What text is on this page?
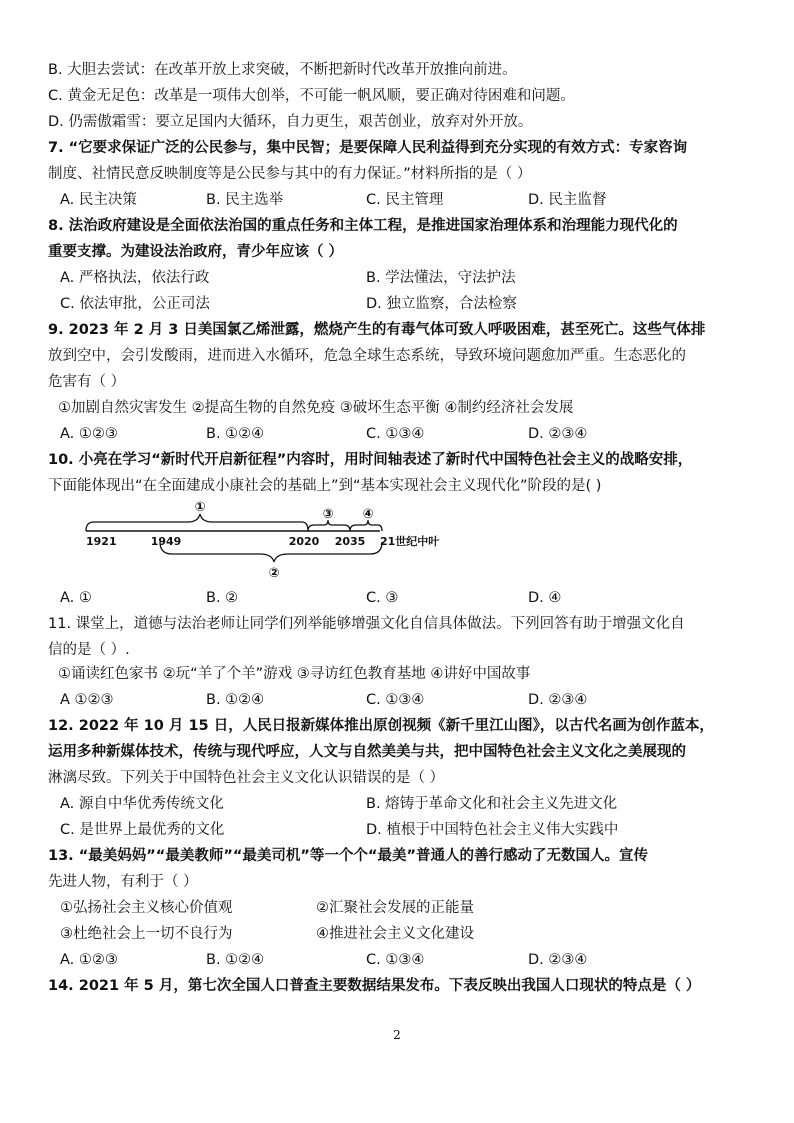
B. 大胆去尝试：在改革开放上求突破，不断把新时代改革开放推向前进。
C. 黄金无足色：改革是一项伟大创举，不可能一帆风顺，要正确对待困难和问题。
D. 仍需傲霜雪：要立足国内大循环，自力更生，艰苦创业，放弃对外开放。
7. “它要求保证广泛的公民参与，集中民智；是要保障人民利益得到充分实现的有效方式：专家咨询
制度、社情民意反映制度等是公民参与其中的有力保证。”材料所指的是（ ）
A. 民主决策	B. 民主选举	C. 民主管理	D. 民主监督
8. 法治政府建设是全面依法治国的重点任务和主体工程，是推进国家治理体系和治理能力现代化的
重要支撑。为建设法治政府，青少年应该（ ）
A. 严格执法，依法行政	B. 学法懂法，守法护法
C. 依法审批，公正司法	D. 独立监察，合法检察
9. 2023 年 2 月 3 日美国氯乙烯泄露，燃烧产生的有毒气体可致人呼吸困难，甚至死亡。这些气体排
放到空中，会引发酸雨，进而进入水循环，危急全球生态系统，导致环境问题愈加严重。生态恶化的
危害有（ ）
①加剧自然灾害发生 ②提高生物的自然免疫 ③破坏生态平衡 ④制约经济社会发展
A. ①②③	B. ①②④	C. ①③④	D. ②③④
10. 小亮在学习“新时代开启新征程”内容时，用时间轴表述了新时代中国特色社会主义的战略安排，
下面能体现出“在全面建成小康社会的基础上”到“基本实现社会主义现代化”阶段的是( )
①	③ ④
②
1921	1949	2020 2035 21世纪中叶
A. ①	B. ②	C. ③	D. ④
11. 课堂上，道德与法治老师让同学们列举能够增强文化自信具体做法。下列回答有助于增强文化自
信的是（ ）.
①诵读红色家书 ②玩“羊了个羊”游戏 ③寻访红色教育基地 ④讲好中国故事
A ①②③	B. ①②④	C. ①③④	D. ②③④
12. 2022 年 10 月 15 日，人民日报新媒体推出原创视频《新千里江山图》，以古代名画为创作蓝本，
运用多种新媒体技术，传统与现代呼应，人文与自然美美与共，把中国特色社会主义文化之美展现的
淋漓尽致。下列关于中国特色社会主义文化认识错误的是（ ）
A. 源自中华优秀传统文化	B. 熔铸于革命文化和社会主义先进文化
C. 是世界上最优秀的文化	D. 植根于中国特色社会主义伟大实践中
13. “最美妈妈”“最美教师”“最美司机”等一个个“最美”普通人的善行感动了无数国人。宣传
先进人物，有利于（ ）
①弘扬社会主义核心价值观	②汇聚社会发展的正能量
③杜绝社会上一切不良行为	④推进社会主义文化建设
A. ①②③	B. ①②④	C. ①③④	D. ②③④
14. 2021 年 5 月，第七次全国人口普查主要数据结果发布。下表反映出我国人口现状的特点是（ ）
2
